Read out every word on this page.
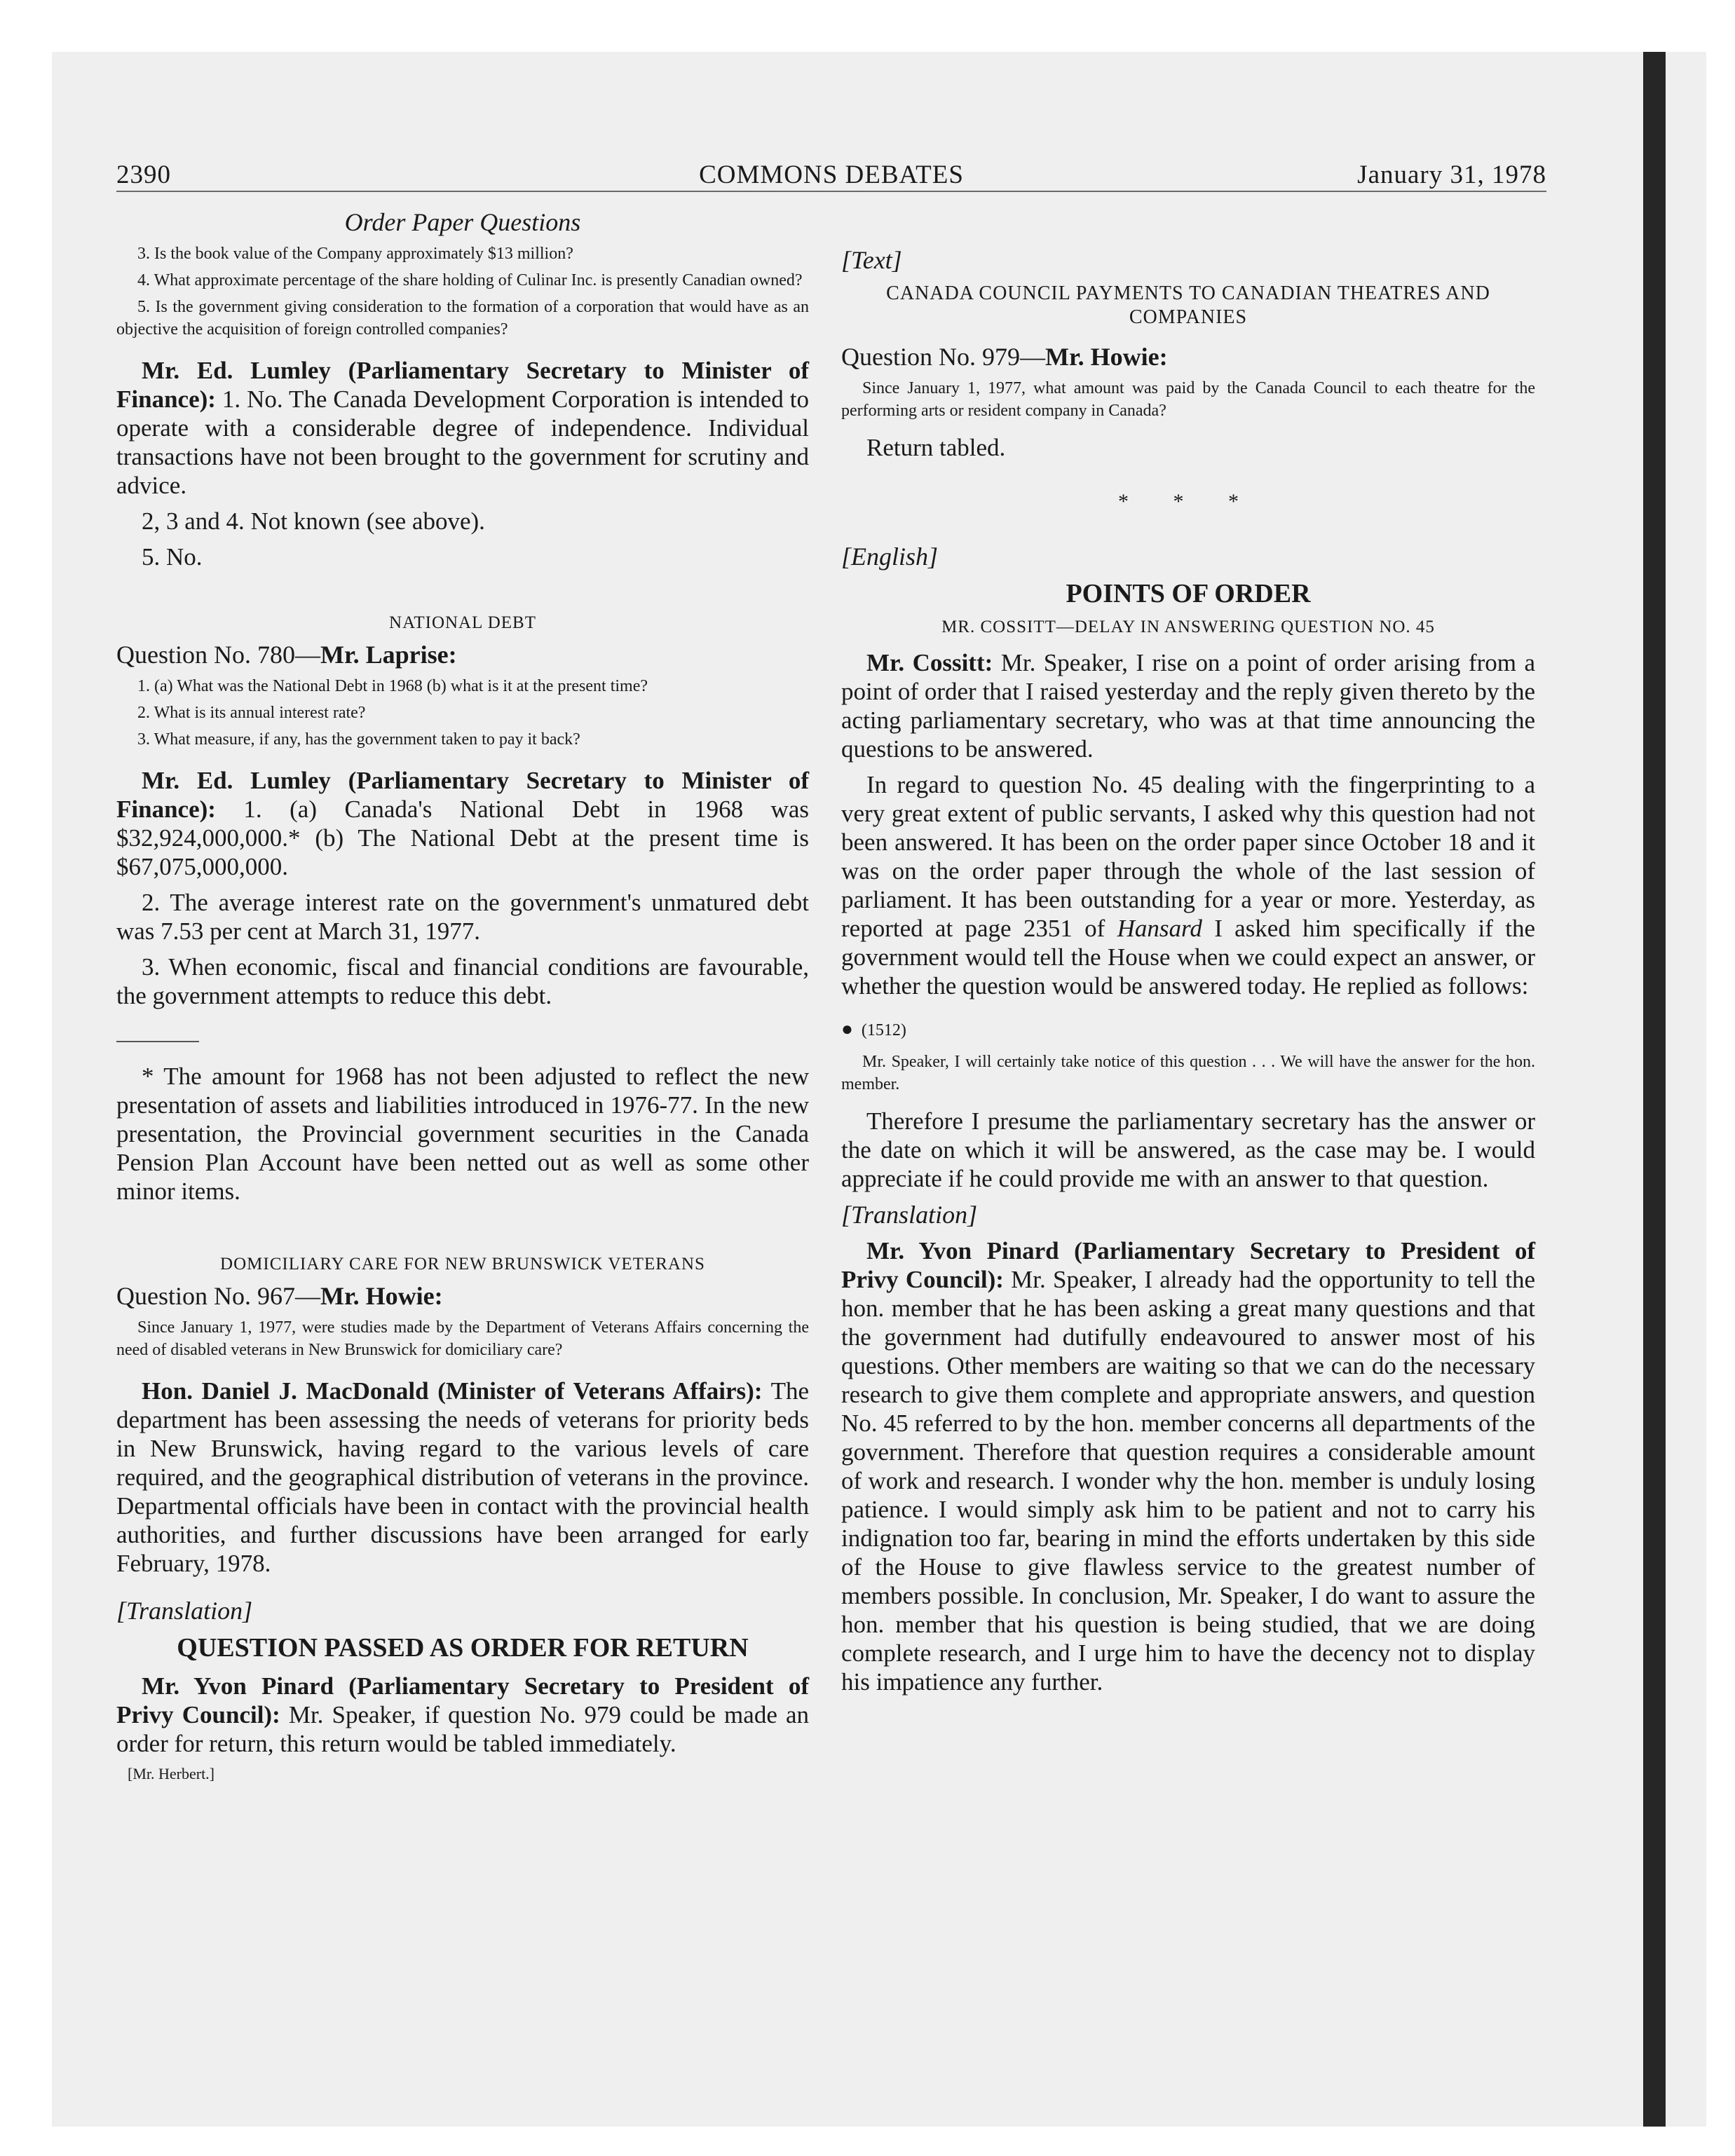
2390	COMMONS DEBATES	January 31, 1978
Order Paper Questions

3. Is the book value of the Company approximately $13 million?

4. What approximate percentage of the share holding of Culinar Inc. is presently Canadian owned?

5. Is the government giving consideration to the formation of a corporation that would have as an objective the acquisition of foreign controlled companies?

Mr. Ed. Lumley (Parliamentary Secretary to Minister of Finance): 1. No. The Canada Development Corporation is intended to operate with a considerable degree of independence. Individual transactions have not been brought to the government for scrutiny and advice.

2, 3 and 4. Not known (see above).

5. No.

NATIONAL DEBT
Question No. 780—Mr. Laprise:

1. (a) What was the National Debt in 1968 (b) what is it at the present time?

2. What is its annual interest rate?

3. What measure, if any, has the government taken to pay it back?

Mr. Ed. Lumley (Parliamentary Secretary to Minister of Finance): 1. (a) Canada's National Debt in 1968 was $32,924,000,000.* (b) The National Debt at the present time is $67,075,000,000.

2. The average interest rate on the government's unmatured debt was 7.53 per cent at March 31, 1977.

3. When economic, fiscal and financial conditions are favourable, the government attempts to reduce this debt.

* The amount for 1968 has not been adjusted to reflect the new presentation of assets and liabilities introduced in 1976-77. In the new presentation, the Provincial government securities in the Canada Pension Plan Account have been netted out as well as some other minor items.

DOMICILIARY CARE FOR NEW BRUNSWICK VETERANS
Question No. 967—Mr. Howie:

Since January 1, 1977, were studies made by the Department of Veterans Affairs concerning the need of disabled veterans in New Brunswick for domiciliary care?

Hon. Daniel J. MacDonald (Minister of Veterans Affairs): The department has been assessing the needs of veterans for priority beds in New Brunswick, having regard to the various levels of care required, and the geographical distribution of veterans in the province. Departmental officials have been in contact with the provincial health authorities, and further discussions have been arranged for early February, 1978.

[Translation]
QUESTION PASSED AS ORDER FOR RETURN

Mr. Yvon Pinard (Parliamentary Secretary to President of Privy Council): Mr. Speaker, if question No. 979 could be made an order for return, this return would be tabled immediately.

[Mr. Herbert.]
[Text]
CANADA COUNCIL PAYMENTS TO CANADIAN THEATRES AND COMPANIES
Question No. 979—Mr. Howie:

Since January 1, 1977, what amount was paid by the Canada Council to each theatre for the performing arts or resident company in Canada?

Return tabled.

* * *
[English]
POINTS OF ORDER
MR. COSSITT—DELAY IN ANSWERING QUESTION NO. 45

Mr. Cossitt: Mr. Speaker, I rise on a point of order arising from a point of order that I raised yesterday and the reply given thereto by the acting parliamentary secretary, who was at that time announcing the questions to be answered.

In regard to question No. 45 dealing with the fingerprinting to a very great extent of public servants, I asked why this question had not been answered. It has been on the order paper since October 18 and it was on the order paper through the whole of the last session of parliament. It has been outstanding for a year or more. Yesterday, as reported at page 2351 of Hansard I asked him specifically if the government would tell the House when we could expect an answer, or whether the question would be answered today. He replied as follows:

● (1512)

Mr. Speaker, I will certainly take notice of this question . . . We will have the answer for the hon. member.

Therefore I presume the parliamentary secretary has the answer or the date on which it will be answered, as the case may be. I would appreciate if he could provide me with an answer to that question.

[Translation]

Mr. Yvon Pinard (Parliamentary Secretary to President of Privy Council): Mr. Speaker, I already had the opportunity to tell the hon. member that he has been asking a great many questions and that the government had dutifully endeavoured to answer most of his questions. Other members are waiting so that we can do the necessary research to give them complete and appropriate answers, and question No. 45 referred to by the hon. member concerns all departments of the government. Therefore that question requires a considerable amount of work and research. I wonder why the hon. member is unduly losing patience. I would simply ask him to be patient and not to carry his indignation too far, bearing in mind the efforts undertaken by this side of the House to give flawless service to the greatest number of members possible. In conclusion, Mr. Speaker, I do want to assure the hon. member that his question is being studied, that we are doing complete research, and I urge him to have the decency not to display his impatience any further.
